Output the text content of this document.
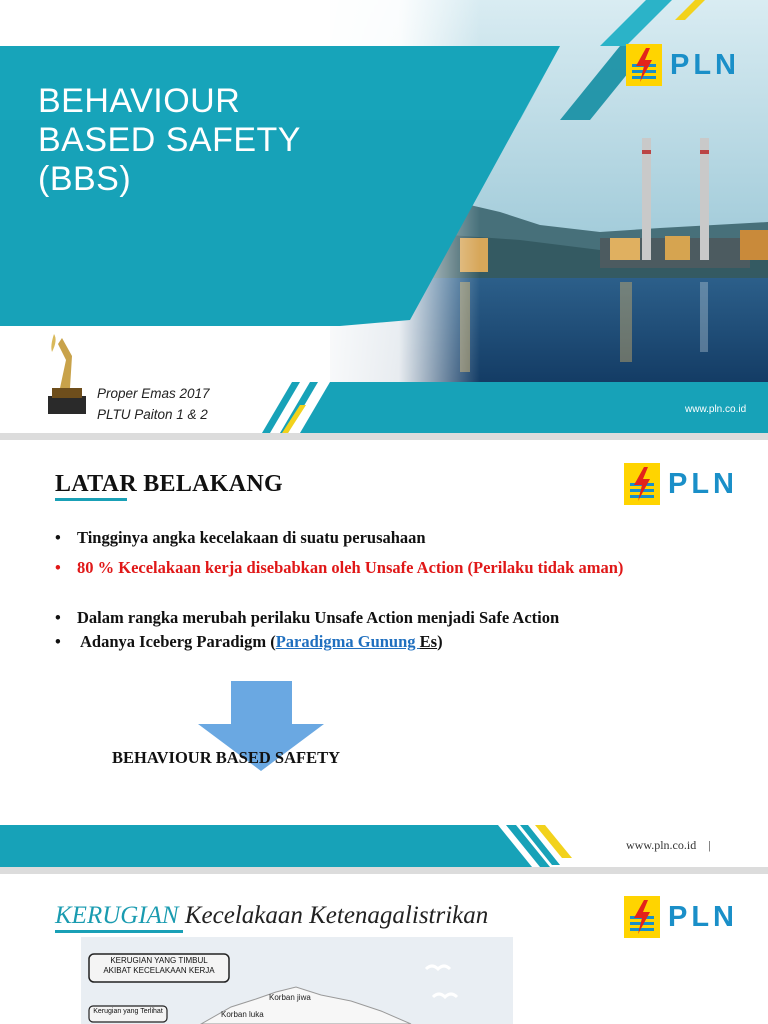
BEHAVIOUR
BASED SAFETY
(BBS)
Proper Emas 2017
PLTU Paiton 1 & 2	www.pln.co.id
PLN
LATAR BELAKANG	PLN
• Tingginya angka kecelakaan di suatu perusahaan
• 80 % Kecelakaan kerja disebabkan oleh Unsafe Action (Perilaku tidak aman)
• Dalam rangka merubah perilaku Unsafe Action menjadi Safe Action
• Adanya Iceberg Paradigm (Paradigma Gunung Es)
BEHAVIOUR BASED SAFETY
www.pln.co.id |
KERUGIAN Kecelakaan Ketenagalistrikan	PLN
KERUGIAN YANG TIMBUL
AKIBAT KECELAKAAN KERJA
Kerugian yang Terlihat
Korban jiwa
Korban luka
